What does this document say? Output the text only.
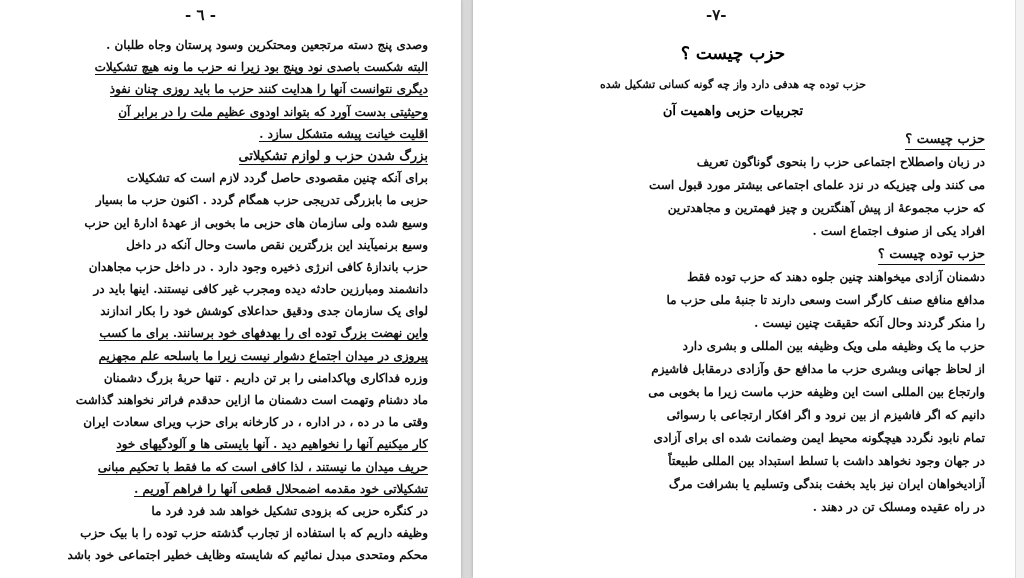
- ٦ -
وصدی پنج دسته مرتجعین ومحتکرین وسود پرستان وجاه طلبان .
البته شکست باصدی نود وپنج بود زیرا نه حزب ما ونه هیچ تشکیلات
دیگری نتوانست آنها را هدایت کنند حزب ما باید روزی چنان نفوذ
وحیثیتی بدست آورد که بتواند اودوی عظیم ملت را در برابر آن
اقلیت خیانت پیشه متشکل سازد .
بزرگ شدن حزب و لوازم تشکیلاتی
برای آنکه چنین مقصودی حاصل گردد لازم است که تشکیلات
حزبی ما بابزرگی تدریجی حزب همگام گردد . اکنون حزب ما بسیار
وسیع شده ولی سازمان های حزبی ما بخوبی از عهدهٔ ادارهٔ این حزب
وسیع برنمیآیند این بزرگترین نقص ماست وحال آنکه در داخل
حزب باندازهٔ کافی انرژی ذخیره وجود دارد . در داخل حزب مجاهدان
دانشمند ومبارزین حادثه دیده ومجرب غیر کافی نیستند. اینها باید در
لوای یک سازمان جدی ودقیق حداعلای کوشش خود را بکار اندازند
واین نهضت بزرگ توده ای را بهدفهای خود برسانند. برای ما کسب
پیروزی در میدان اجتماع دشوار نیست زیرا ما باسلحه علم مجهزیم
وزره فداکاری وپاکدامنی را بر تن داریم . تنها حربهٔ بزرگ دشمنان
ماد دشنام وتهمت است دشمنان ما ازاین حدقدم فراتر نخواهند گذاشت
وقتی ما در ده ، در اداره ، در کارخانه برای حزب ویرای سعادت ایران
کار میکنیم آنها را نخواهیم دید . آنها بایستی ها و آلودگیهای خود
حریف میدان ما نیستند ، لذا کافی است که ما فقط با تحکیم مبانی
تشکیلاتی خود مقدمه اضمحلال قطعی آنها را فراهم آوریم .
در کنگره حزبی که بزودی تشکیل خواهد شد فرد فرد ما
وظیفه داریم که با استفاده از تجارب گذشته حزب توده را با بیک حزب
محکم ومتحدی مبدل نمائیم که شایسته وظایف خطیر اجتماعی خود باشد
-٧-
حزب چیست ؟
حزب توده چه هدفی دارد واز چه گونه کسانی تشکیل شده
تجربیات حزبی واهمیت آن
حزب چیست ؟
در زبان واصطلاح اجتماعی حزب را بنحوی گوناگون تعریف
می کنند ولی چیزیکه در نزد علمای اجتماعی بیشتر مورد قبول است
که حزب مجموعهٔ از پیش آهنگترین و چیز فهمترین و مجاهدترین
افراد یکی از صنوف اجتماع است .
حزب توده چیست ؟
دشمنان آزادی میخواهند چنین جلوه دهند که حزب توده فقط
مدافع منافع صنف کارگر است وسعی دارند تا جنبهٔ ملی حزب ما
را منکر گردند وحال آنکه حقیقت چنین نیست .
حزب ما یک وظیفه ملی ویک وظیفه بین المللی و بشری دارد
از لحاظ جهانی وبشری حزب ما مدافع حق وآزادی درمقابل فاشیزم
وارتجاع بین المللی است این وظیفه حزب ماست زیرا ما بخوبی می
دانیم که اگر فاشیزم از بین نرود و اگر افکار ارتجاعی با رسوائی
تمام نابود نگردد هیچگونه محیط ایمن وضمانت شده ای برای آزادی
در جهان وجود نخواهد داشت با تسلط استبداد بین المللی طبیعتاً
آزادیخواهان ایران نیز باید بخفت بندگی وتسلیم یا بشرافت مرگ
در راه عقیده ومسلک تن در دهند .
